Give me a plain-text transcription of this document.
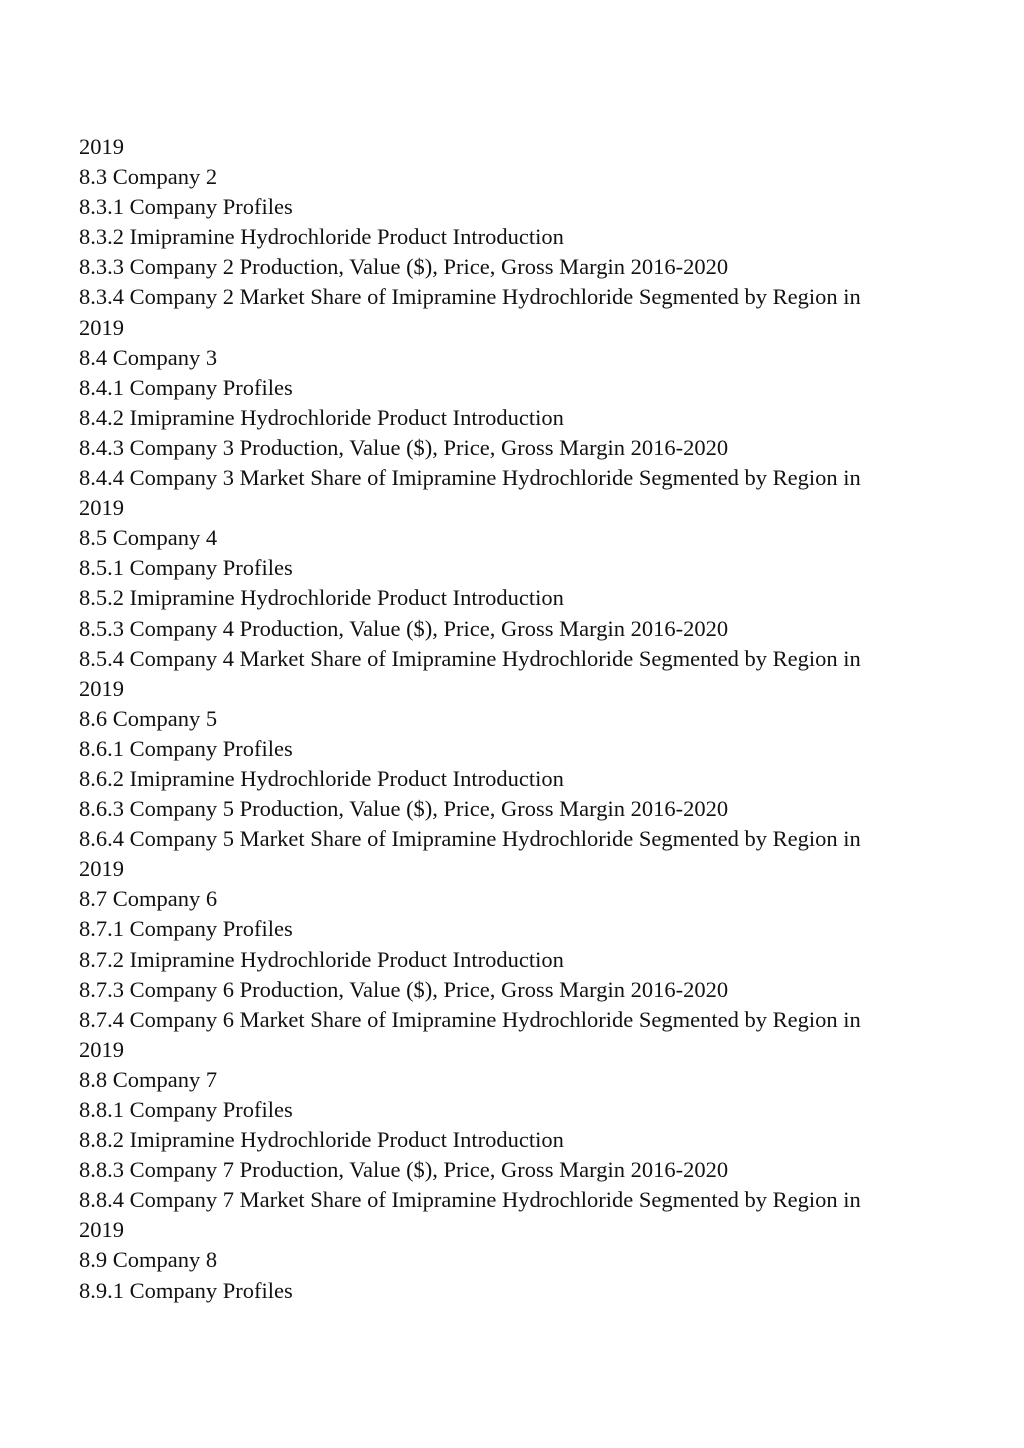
2019
8.3 Company 2
8.3.1 Company Profiles
8.3.2 Imipramine Hydrochloride Product Introduction
8.3.3 Company 2 Production, Value ($), Price, Gross Margin 2016-2020
8.3.4 Company 2 Market Share of Imipramine Hydrochloride Segmented by Region in
2019
8.4 Company 3
8.4.1 Company Profiles
8.4.2 Imipramine Hydrochloride Product Introduction
8.4.3 Company 3 Production, Value ($), Price, Gross Margin 2016-2020
8.4.4 Company 3 Market Share of Imipramine Hydrochloride Segmented by Region in
2019
8.5 Company 4
8.5.1 Company Profiles
8.5.2 Imipramine Hydrochloride Product Introduction
8.5.3 Company 4 Production, Value ($), Price, Gross Margin 2016-2020
8.5.4 Company 4 Market Share of Imipramine Hydrochloride Segmented by Region in
2019
8.6 Company 5
8.6.1 Company Profiles
8.6.2 Imipramine Hydrochloride Product Introduction
8.6.3 Company 5 Production, Value ($), Price, Gross Margin 2016-2020
8.6.4 Company 5 Market Share of Imipramine Hydrochloride Segmented by Region in
2019
8.7 Company 6
8.7.1 Company Profiles
8.7.2 Imipramine Hydrochloride Product Introduction
8.7.3 Company 6 Production, Value ($), Price, Gross Margin 2016-2020
8.7.4 Company 6 Market Share of Imipramine Hydrochloride Segmented by Region in
2019
8.8 Company 7
8.8.1 Company Profiles
8.8.2 Imipramine Hydrochloride Product Introduction
8.8.3 Company 7 Production, Value ($), Price, Gross Margin 2016-2020
8.8.4 Company 7 Market Share of Imipramine Hydrochloride Segmented by Region in
2019
8.9 Company 8
8.9.1 Company Profiles
